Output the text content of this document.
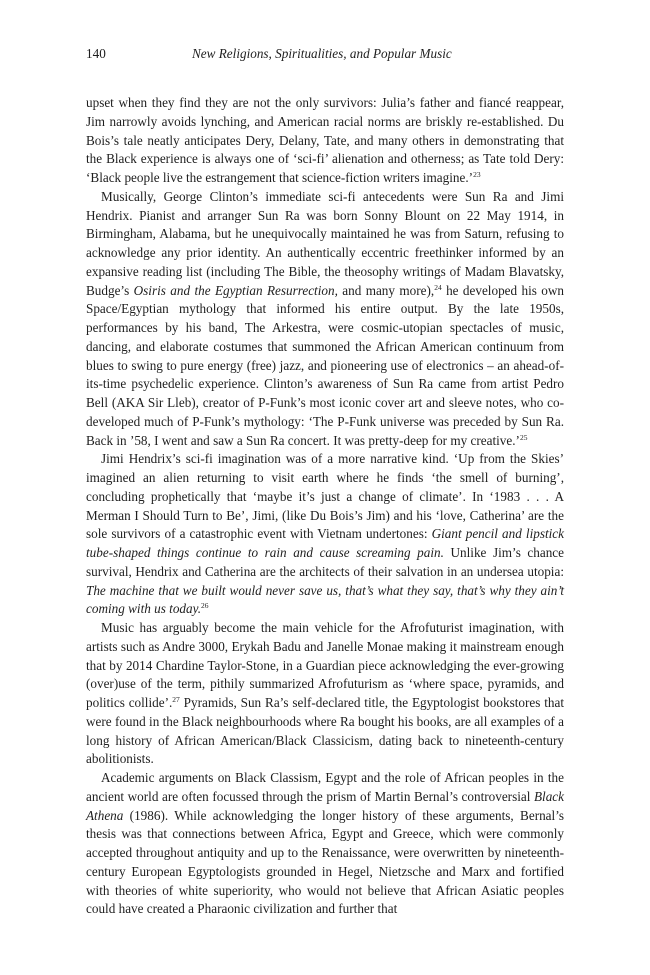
140	New Religions, Spiritualities, and Popular Music

upset when they find they are not the only survivors: Julia’s father and fiancé reappear, Jim narrowly avoids lynching, and American racial norms are briskly re-established. Du Bois’s tale neatly anticipates Dery, Delany, Tate, and many others in demonstrating that the Black experience is always one of ‘sci-fi’ alienation and otherness; as Tate told Dery: ‘Black people live the estrangement that science-fiction writers imagine.’$^{23}$

Musically, George Clinton’s immediate sci-fi antecedents were Sun Ra and Jimi Hendrix. Pianist and arranger Sun Ra was born Sonny Blount on 22 May 1914, in Birmingham, Alabama, but he unequivocally maintained he was from Saturn, refusing to acknowledge any prior identity. An authentically eccentric freethinker informed by an expansive reading list (including The Bible, the theosophy writings of Madam Blavatsky, Budge’s Osiris and the Egyptian Resurrection, and many more),$^{24}$ he developed his own Space/Egyptian mythology that informed his entire output. By the late 1950s, performances by his band, The Arkestra, were cosmic-utopian spectacles of music, dancing, and elaborate costumes that summoned the African American continuum from blues to swing to pure energy (free) jazz, and pioneering use of electronics – an ahead-of-its-time psychedelic experience. Clinton’s awareness of Sun Ra came from artist Pedro Bell (AKA Sir Lleb), creator of P-Funk’s most iconic cover art and sleeve notes, who co-developed much of P-Funk’s mythology: ‘The P-Funk universe was preceded by Sun Ra. Back in ’58, I went and saw a Sun Ra concert. It was pretty-deep for my creative.’$^{25}$

Jimi Hendrix’s sci-fi imagination was of a more narrative kind. ‘Up from the Skies’ imagined an alien returning to visit earth where he finds ‘the smell of burning’, concluding prophetically that ‘maybe it’s just a change of climate’. In ‘1983 . . . A Merman I Should Turn to Be’, Jimi, (like Du Bois’s Jim) and his ‘love, Catherina’ are the sole survivors of a catastrophic event with Vietnam undertones: Giant pencil and lipstick tube-shaped things continue to rain and cause screaming pain. Unlike Jim’s chance survival, Hendrix and Catherina are the architects of their salvation in an undersea utopia: The machine that we built would never save us, that’s what they say, that’s why they ain’t coming with us today.$^{26}$

Music has arguably become the main vehicle for the Afrofuturist imagination, with artists such as Andre 3000, Erykah Badu and Janelle Monae making it mainstream enough that by 2014 Chardine Taylor-Stone, in a Guardian piece acknowledging the ever-growing (over)use of the term, pithily summarized Afrofuturism as ‘where space, pyramids, and politics collide’.$^{27}$ Pyramids, Sun Ra’s self-declared title, the Egyptologist bookstores that were found in the Black neighbourhoods where Ra bought his books, are all examples of a long history of African American/Black Classicism, dating back to nineteenth-century abolitionists.

Academic arguments on Black Classism, Egypt and the role of African peoples in the ancient world are often focussed through the prism of Martin Bernal’s controversial Black Athena (1986). While acknowledging the longer history of these arguments, Bernal’s thesis was that connections between Africa, Egypt and Greece, which were commonly accepted throughout antiquity and up to the Renaissance, were overwritten by nineteenth-century European Egyptologists grounded in Hegel, Nietzsche and Marx and fortified with theories of white superiority, who would not believe that African Asiatic peoples could have created a Pharaonic civilization and further that
